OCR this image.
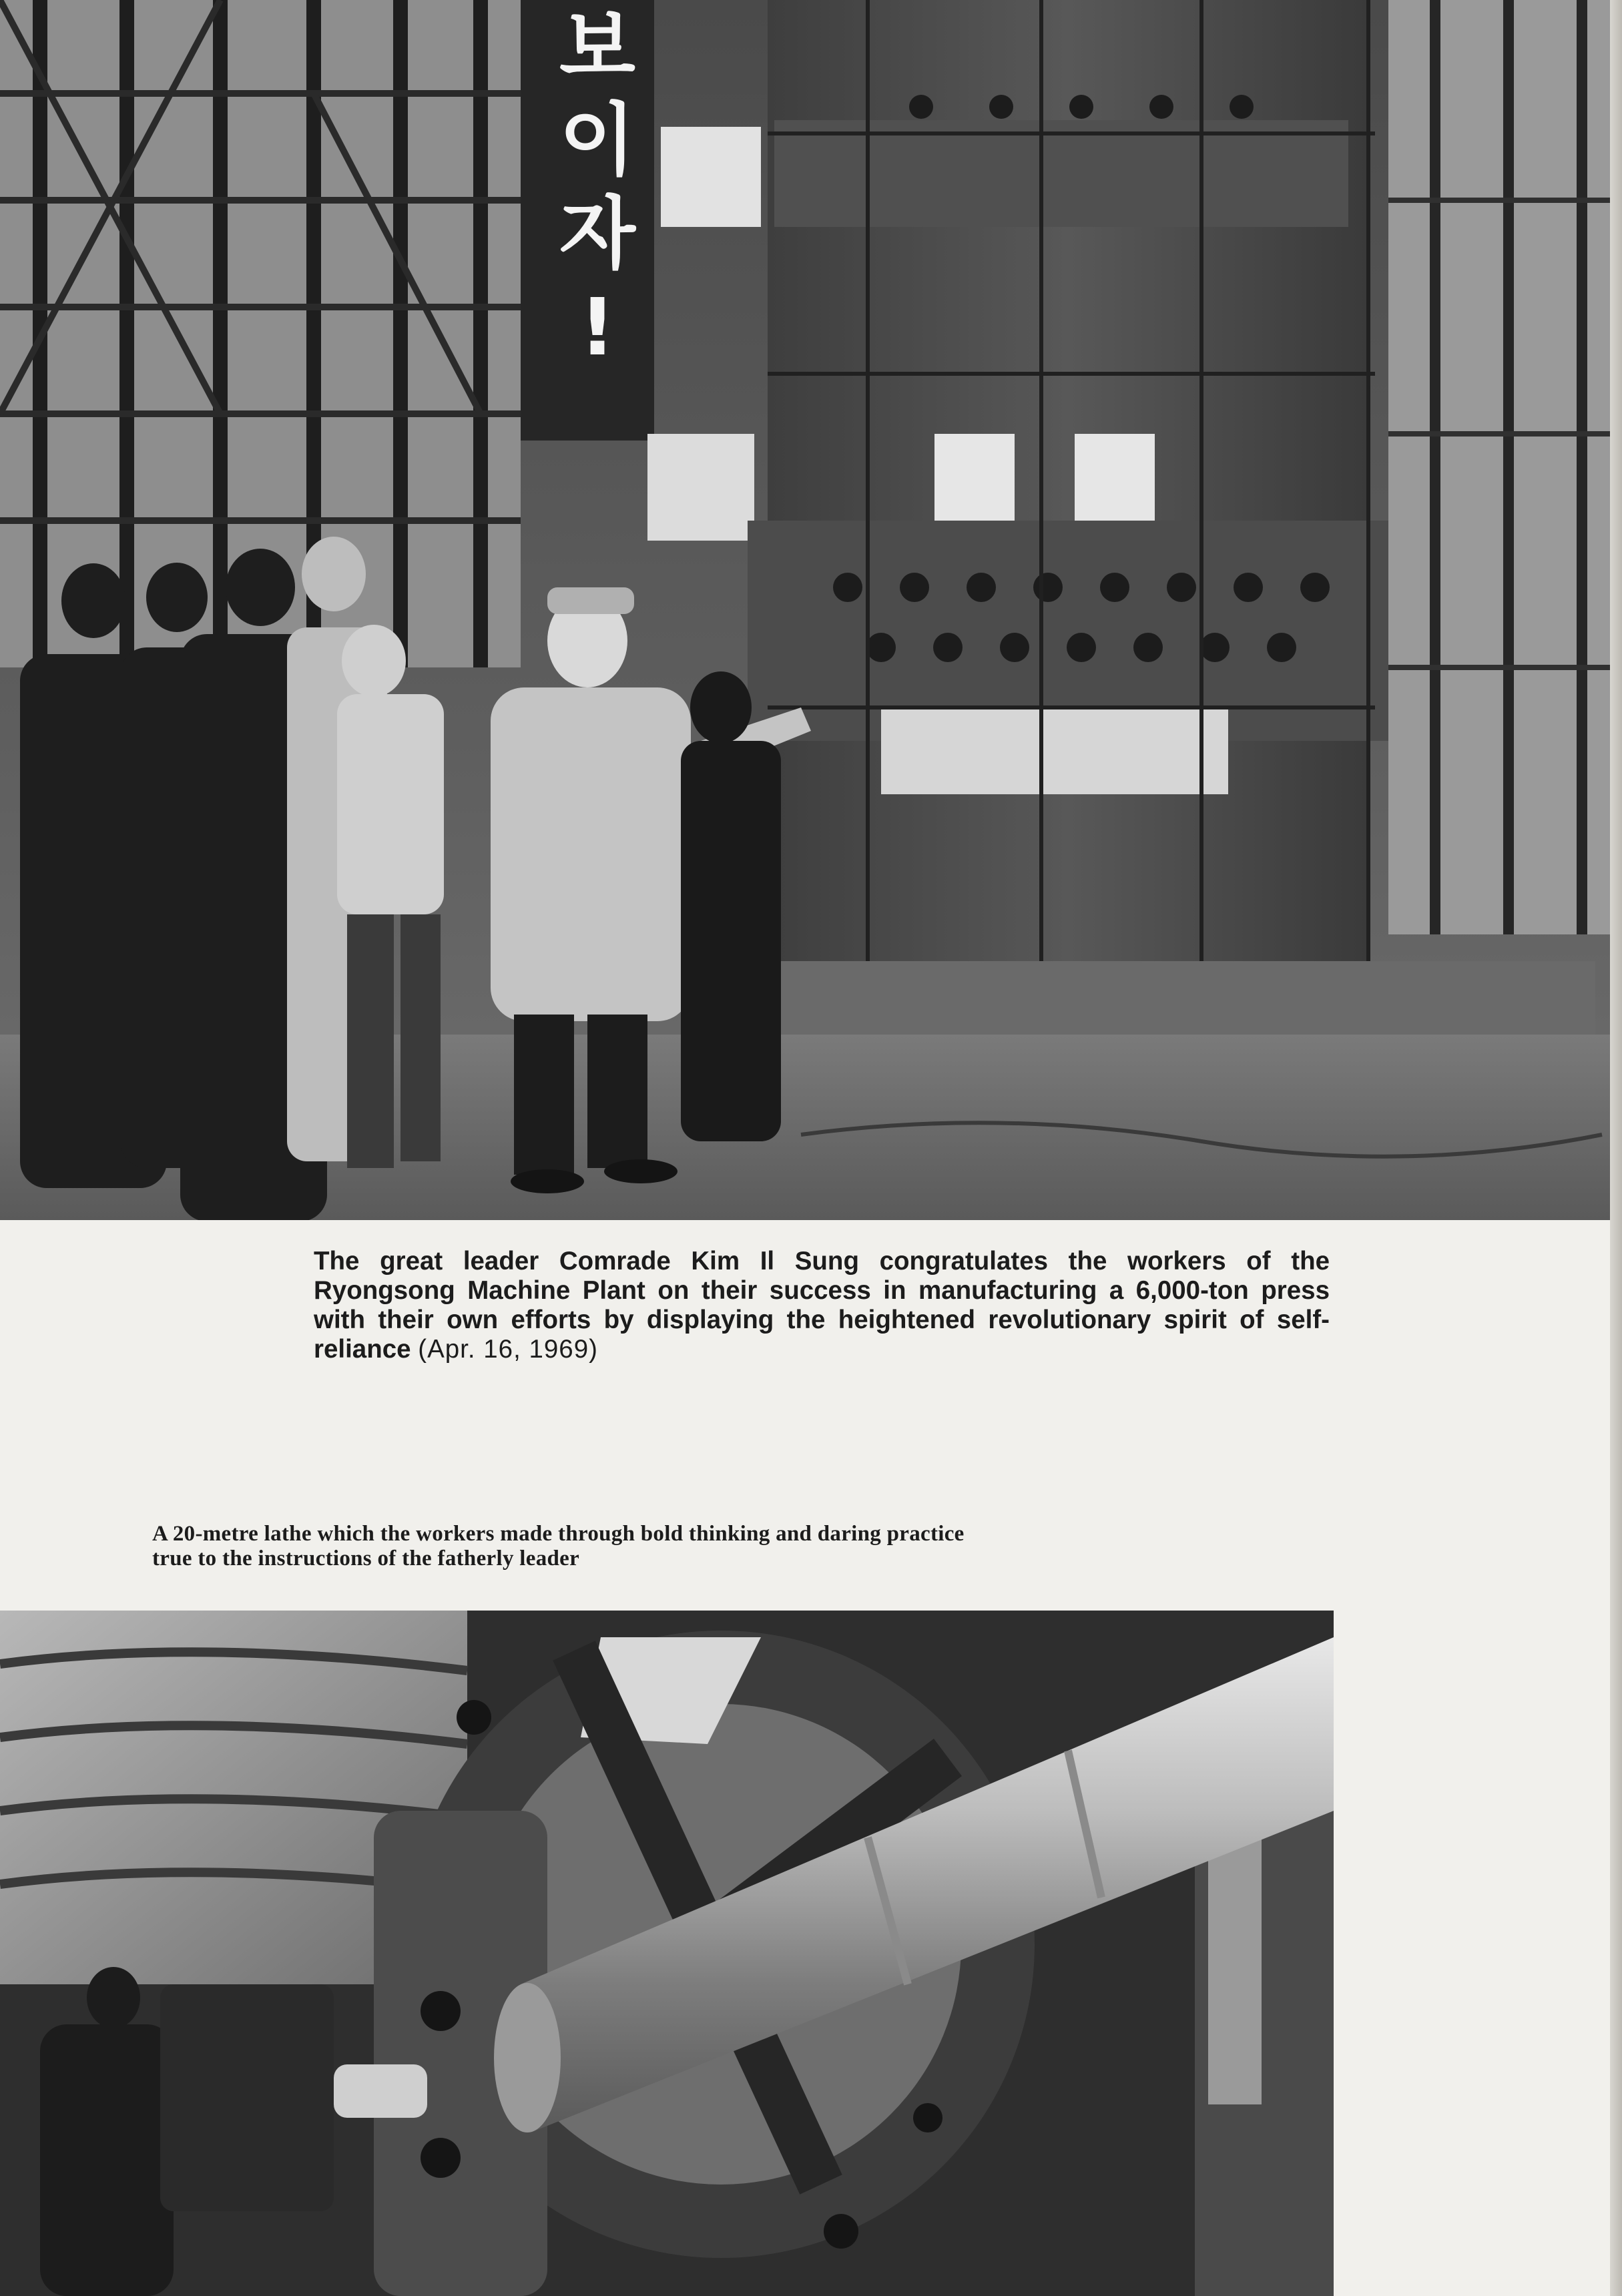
보
이
자
!
The great leader Comrade Kim Il Sung congratulates the workers of the Ryongsong Machine Plant on their success in manufacturing a 6,000-ton press with their own efforts by displaying the heightened revolutionary spirit of self-reliance (Apr. 16, 1969)
A 20-metre lathe which the workers made through bold thinking and daring practice
true to the instructions of the fatherly leader
